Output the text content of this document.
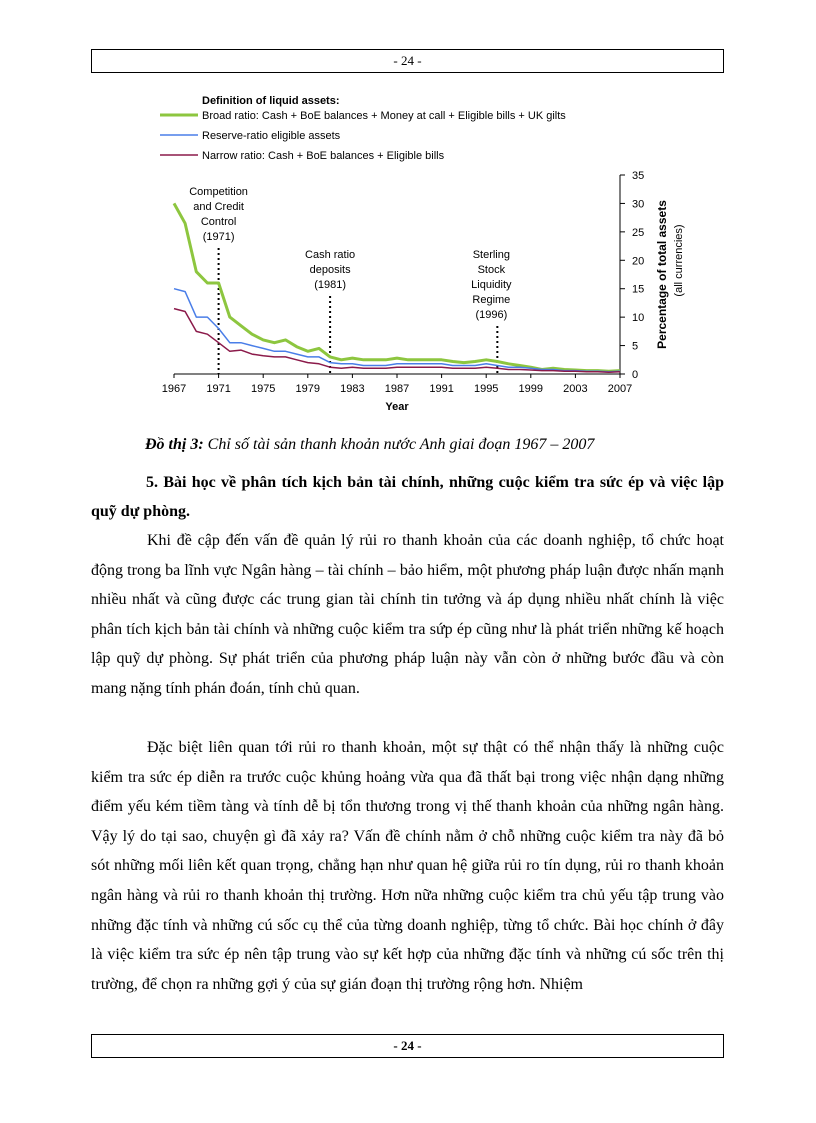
- 24 -
Definition of liquid assets:
Broad ratio: Cash + BoE balances + Money at call + Eligible bills + UK gilts
Reserve-ratio eligible assets
Narrow ratio: Cash + BoE balances + Eligible bills
1967 1971 1975 1979 1983 1987 1991 1995 1999 2003 2007
Year
0
5
10
15
20
25
30
35
Percentage of total assets (all currencies)
Competition
and Credit
Control
(1971)
Cash ratio
deposits
(1981)
Sterling
Stock
Liquidity
Regime
(1996)
Đồ thị 3: Chỉ số tài sản thanh khoản nước Anh giai đoạn 1967 – 2007
5. Bài học về phân tích kịch bản tài chính, những cuộc kiểm tra sức ép và việc lập quỹ dự phòng.

Khi đề cập đến vấn đề quản lý rủi ro thanh khoản của các doanh nghiệp, tổ chức hoạt động trong ba lĩnh vực Ngân hàng – tài chính – bảo hiểm, một phương pháp luận được nhấn mạnh nhiều nhất và cũng được các trung gian tài chính tin tưởng và áp dụng nhiều nhất chính là việc phân tích kịch bản tài chính và những cuộc kiểm tra sứp ép cũng như là phát triển những kế hoạch lập quỹ dự phòng. Sự phát triển của phương pháp luận này vẫn còn ở những bước đầu và còn mang nặng tính phán đoán, tính chủ quan.

Đặc biệt liên quan tới rủi ro thanh khoản, một sự thật có thể nhận thấy là những cuộc kiểm tra sức ép diễn ra trước cuộc khủng hoảng vừa qua đã thất bại trong việc nhận dạng những điểm yếu kém tiềm tàng và tính dễ bị tổn thương trong vị thế thanh khoản của những ngân hàng. Vậy lý do tại sao, chuyện gì đã xảy ra? Vấn đề chính nằm ở chỗ những cuộc kiểm tra này đã bỏ sót những mối liên kết quan trọng, chẳng hạn như quan hệ giữa rủi ro tín dụng, rủi ro thanh khoản ngân hàng và rủi ro thanh khoản thị trường. Hơn nữa những cuộc kiểm tra chủ yếu tập trung vào những đặc tính và những cú sốc cụ thể của từng doanh nghiệp, từng tổ chức. Bài học chính ở đây là việc kiểm tra sức ép nên tập trung vào sự kết hợp của những đặc tính và những cú sốc trên thị trường, để chọn ra những gợi ý của sự gián đoạn thị trường rộng hơn. Nhiệm

- 24 -
